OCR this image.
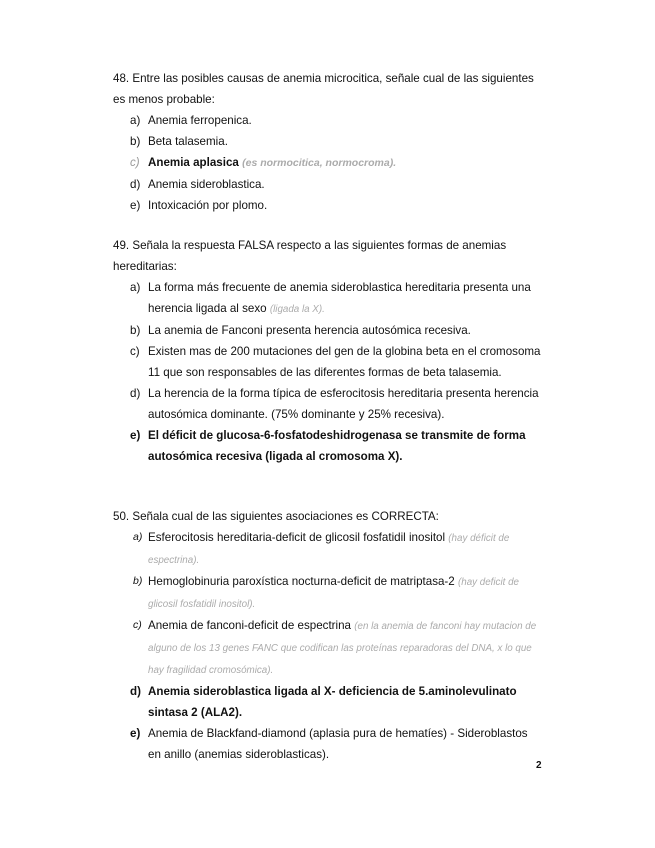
48. Entre las posibles causas de anemia microcitica, señale cual de las siguientes es menos probable:

a) Anemia ferropenica.
b) Beta talasemia.
c) Anemia aplasica (es normocitica, normocroma).
d) Anemia sideroblastica.
e) Intoxicación por plomo.

49. Señala la respuesta FALSA respecto a las siguientes formas de anemias hereditarias:

a) La forma más frecuente de anemia sideroblastica hereditaria presenta una herencia ligada al sexo (ligada la X).
b) La anemia de Fanconi presenta herencia autosómica recesiva.
c) Existen mas de 200 mutaciones del gen de la globina beta en el cromosoma 11 que son responsables de las diferentes formas de beta talasemia.
d) La herencia de la forma típica de esferocitosis hereditaria presenta herencia autosómica dominante. (75% dominante y 25% recesiva).
e) El déficit de glucosa-6-fosfatodeshidrogenasa se transmite de forma autosómica recesiva (ligada al cromosoma X).

50. Señala cual de las siguientes asociaciones es CORRECTA:

a) Esferocitosis hereditaria-deficit de glicosil fosfatidil inositol (hay déficit de espectrina).
b) Hemoglobinuria paroxística nocturna-deficit de matriptasa-2 (hay deficit de glicosil fosfatidil inositol).
c) Anemia de fanconi-deficit de espectrina (en la anemia de fanconi hay mutacion de alguno de los 13 genes FANC que codifican las proteínas reparadoras del DNA, x lo que hay fragilidad cromosómica).
d) Anemia sideroblastica ligada al X- deficiencia de 5.aminolevulinato sintasa 2 (ALA2).
e) Anemia de Blackfand-diamond (aplasia pura de hematíes) - Sideroblastos en anillo (anemias sideroblasticas).
2
